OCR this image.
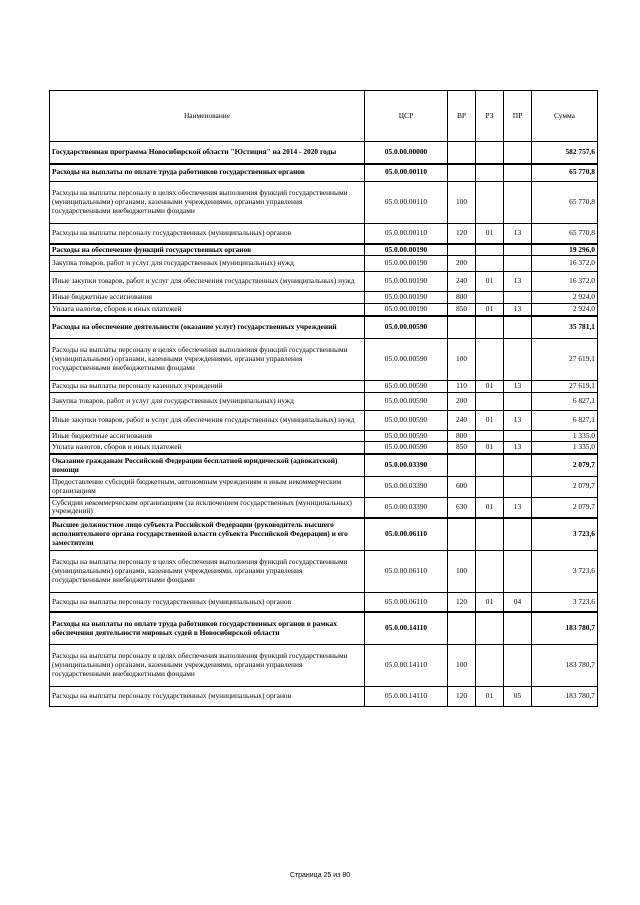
Наименование	ЦСР	ВР	РЗ	ПР	Сумма
Государственная программа Новосибирской области "Юстиция" на 2014 - 2020 годы	05.0.00.00000				582 757,6
Расходы на выплаты по оплате труда работников государственных органов	05.0.00.00110				65 770,8
Расходы на выплаты персоналу в целях обеспечения выполнения функций государственными (муниципальными) органами, казенными учреждениями, органами управления государственными внебюджетными фондами	05.0.00.00110	100			65 770,8
Расходы на выплаты персоналу государственных (муниципальных) органов	05.0.00.00110	120	01	13	65 770,8
Расходы на обеспечение функций государственных органов	05.0.00.00190				19 296,0
Закупка товаров, работ и услуг для государственных (муниципальных) нужд	05.0.00.00190	200			16 372,0
Иные закупки товаров, работ и услуг для обеспечения государственных (муниципальных) нужд	05.0.00.00190	240	01	13	16 372,0
Иные бюджетные ассигнования	05.0.00.00190	800			2 924,0
Уплата налогов, сборов и иных платежей	05.0.00.00190	850	01	13	2 924,0
Расходы на обеспечение деятельности (оказание услуг) государственных учреждений	05.0.00.00590				35 781,1
Расходы на выплаты персоналу в целях обеспечения выполнения функций государственными (муниципальными) органами, казенными учреждениями, органами управления государственными внебюджетными фондами	05.0.00.00590	100			27 619,1
Расходы на выплаты персоналу казенных учреждений	05.0.00.00590	110	01	13	27 619,1
Закупка товаров, работ и услуг для государственных (муниципальных) нужд	05.0.00.00590	200			6 827,1
Иные закупки товаров, работ и услуг для обеспечения государственных (муниципальных) нужд	05.0.00.00590	240	01	13	6 827,1
Иные бюджетные ассигнования	05.0.00.00590	800			1 335,0
Уплата налогов, сборов и иных платежей	05.0.00.00590	850	01	13	1 335,0
Оказание гражданам Российской Федерации бесплатной юридической (адвокатской) помощи	05.0.00.03390				2 079,7
Предоставление субсидий бюджетным, автономным учреждениям и иным некоммерческим организациям	05.0.00.03390	600			2 079,7
Субсидии некоммерческим организациям (за исключением государственных (муниципальных) учреждений)	05.0.00.03390	630	01	13	2 079,7
Высшее должностное лицо субъекта Российской Федерации (руководитель высшего исполнительного органа государственной власти субъекта Российской Федерации) и его заместители	05.0.00.06110				3 723,6
Расходы на выплаты персоналу в целях обеспечения выполнения функций государственными (муниципальными) органами, казенными учреждениями, органами управления государственными внебюджетными фондами	05.0.00.06110	100			3 723,6
Расходы на выплаты персоналу государственных (муниципальных) органов	05.0.00.06110	120	01	04	3 723,6
Расходы на выплаты по оплате труда работников государственных органов в рамках обеспечения деятельности мировых судей в Новосибирской области	05.0.00.14110				183 780,7
Расходы на выплаты персоналу в целях обеспечения выполнения функций государственными (муниципальными) органами, казенными учреждениями, органами управления государственными внебюджетными фондами	05.0.00.14110	100			183 780,7
Расходы на выплаты персоналу государственных (муниципальных) органов	05.0.00.14110	120	01	05	183 780,7
Страница 25 из 80
